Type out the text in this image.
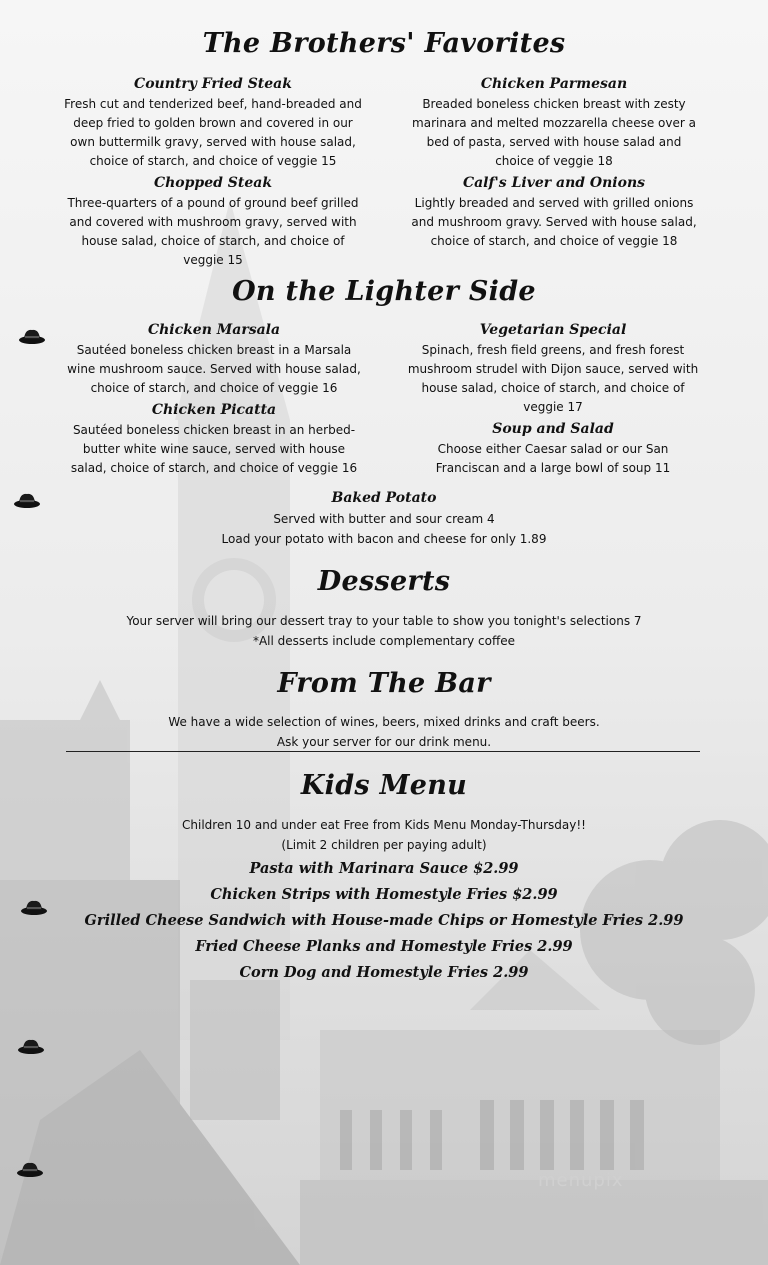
The Brothers' Favorites
Country Fried Steak

Fresh cut and tenderized beef, hand-breaded and deep fried to golden brown and covered in our own buttermilk gravy, served with house salad, choice of starch, and choice of veggie 15

Chopped Steak

Three-quarters of a pound of ground beef grilled and covered with mushroom gravy, served with house salad, choice of starch, and choice of veggie 15

Chicken Parmesan

Breaded boneless chicken breast with zesty marinara and melted mozzarella cheese over a bed of pasta, served with house salad and choice of veggie 18

Calf's Liver and Onions

Lightly breaded and served with grilled onions and mushroom gravy. Served with house salad, choice of starch, and choice of veggie 18

On the Lighter Side
Chicken Marsala

Sautéed boneless chicken breast in a Marsala wine mushroom sauce. Served with house salad, choice of starch, and choice of veggie 16

Chicken Picatta

Sautéed boneless chicken breast in an herbed-butter white wine sauce, served with house salad, choice of starch, and choice of veggie 16

Vegetarian Special

Spinach, fresh field greens, and fresh forest mushroom strudel with Dijon sauce, served with house salad, choice of starch, and choice of veggie 17

Soup and Salad

Choose either Caesar salad or our San Franciscan and a large bowl of soup 11

Baked Potato
Served with butter and sour cream 4
Load your potato with bacon and cheese for only 1.89
Desserts
Your server will bring our dessert tray to your table to show you tonight's selections 7
*All desserts include complementary coffee
From The Bar
We have a wide selection of wines, beers, mixed drinks and craft beers.
Ask your server for our drink menu.
Kids Menu
Children 10 and under eat Free from Kids Menu Monday-Thursday!!
(Limit 2 children per paying adult)
Pasta with Marinara Sauce $2.99
Chicken Strips with Homestyle Fries $2.99
Grilled Cheese Sandwich with House-made Chips or Homestyle Fries 2.99
Fried Cheese Planks and Homestyle Fries 2.99
Corn Dog and Homestyle Fries 2.99
menupix
